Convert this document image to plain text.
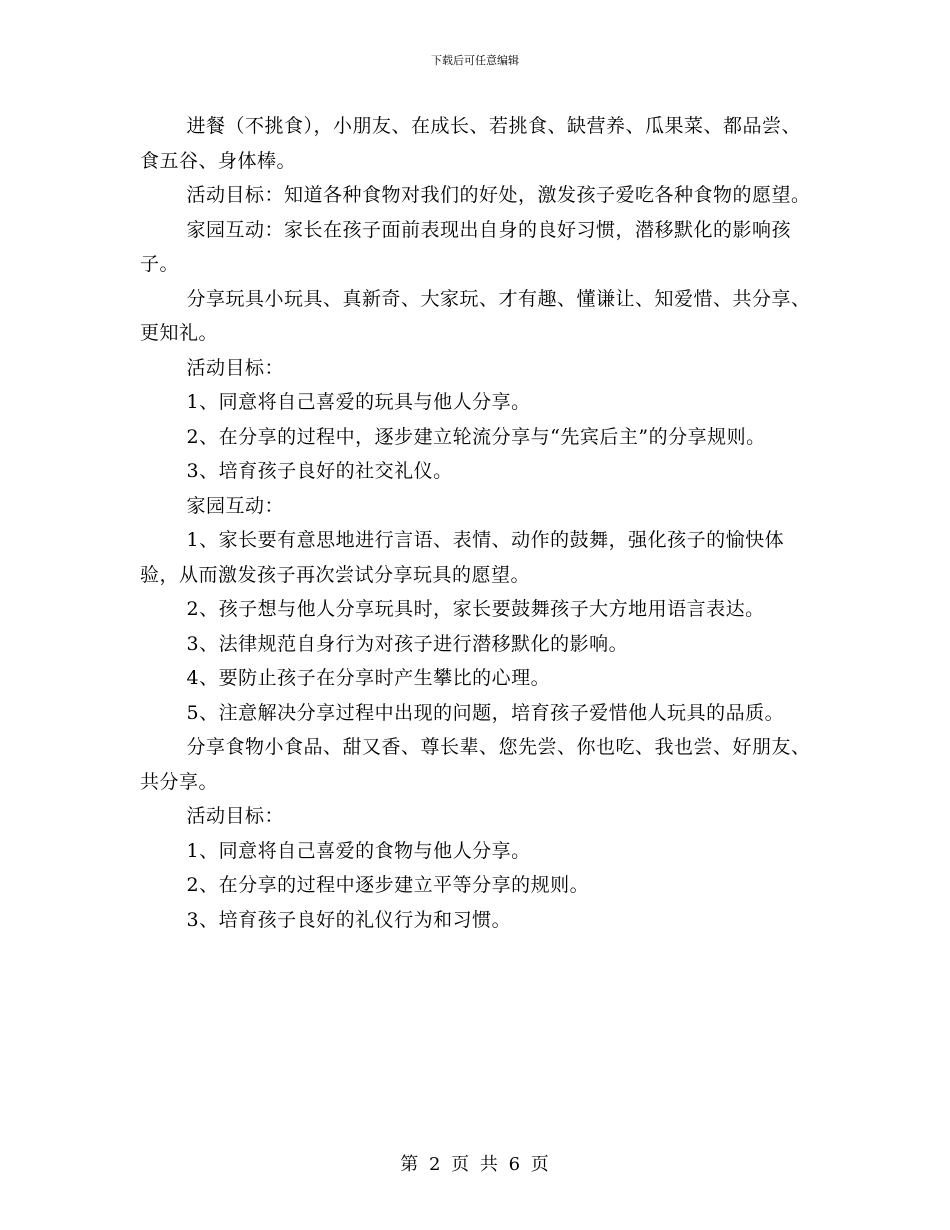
下载后可任意编辑

进餐（不挑食），小朋友、在成长、若挑食、缺营养、瓜果菜、都品尝、食五谷、身体棒。

活动目标：知道各种食物对我们的好处，激发孩子爱吃各种食物的愿望。

家园互动：家长在孩子面前表现出自身的良好习惯，潜移默化的影响孩子。

分享玩具小玩具、真新奇、大家玩、才有趣、懂谦让、知爱惜、共分享、更知礼。

活动目标：

1、同意将自己喜爱的玩具与他人分享。

2、在分享的过程中，逐步建立轮流分享与“先宾后主”的分享规则。

3、培育孩子良好的社交礼仪。

家园互动：

1、家长要有意思地进行言语、表情、动作的鼓舞，强化孩子的愉快体验，从而激发孩子再次尝试分享玩具的愿望。

2、孩子想与他人分享玩具时，家长要鼓舞孩子大方地用语言表达。

3、法律规范自身行为对孩子进行潜移默化的影响。

4、要防止孩子在分享时产生攀比的心理。

5、注意解决分享过程中出现的问题，培育孩子爱惜他人玩具的品质。

分享食物小食品、甜又香、尊长辈、您先尝、你也吃、我也尝、好朋友、共分享。

活动目标：

1、同意将自己喜爱的食物与他人分享。

2、在分享的过程中逐步建立平等分享的规则。

3、培育孩子良好的礼仪行为和习惯。

第 2 页 共 6 页
